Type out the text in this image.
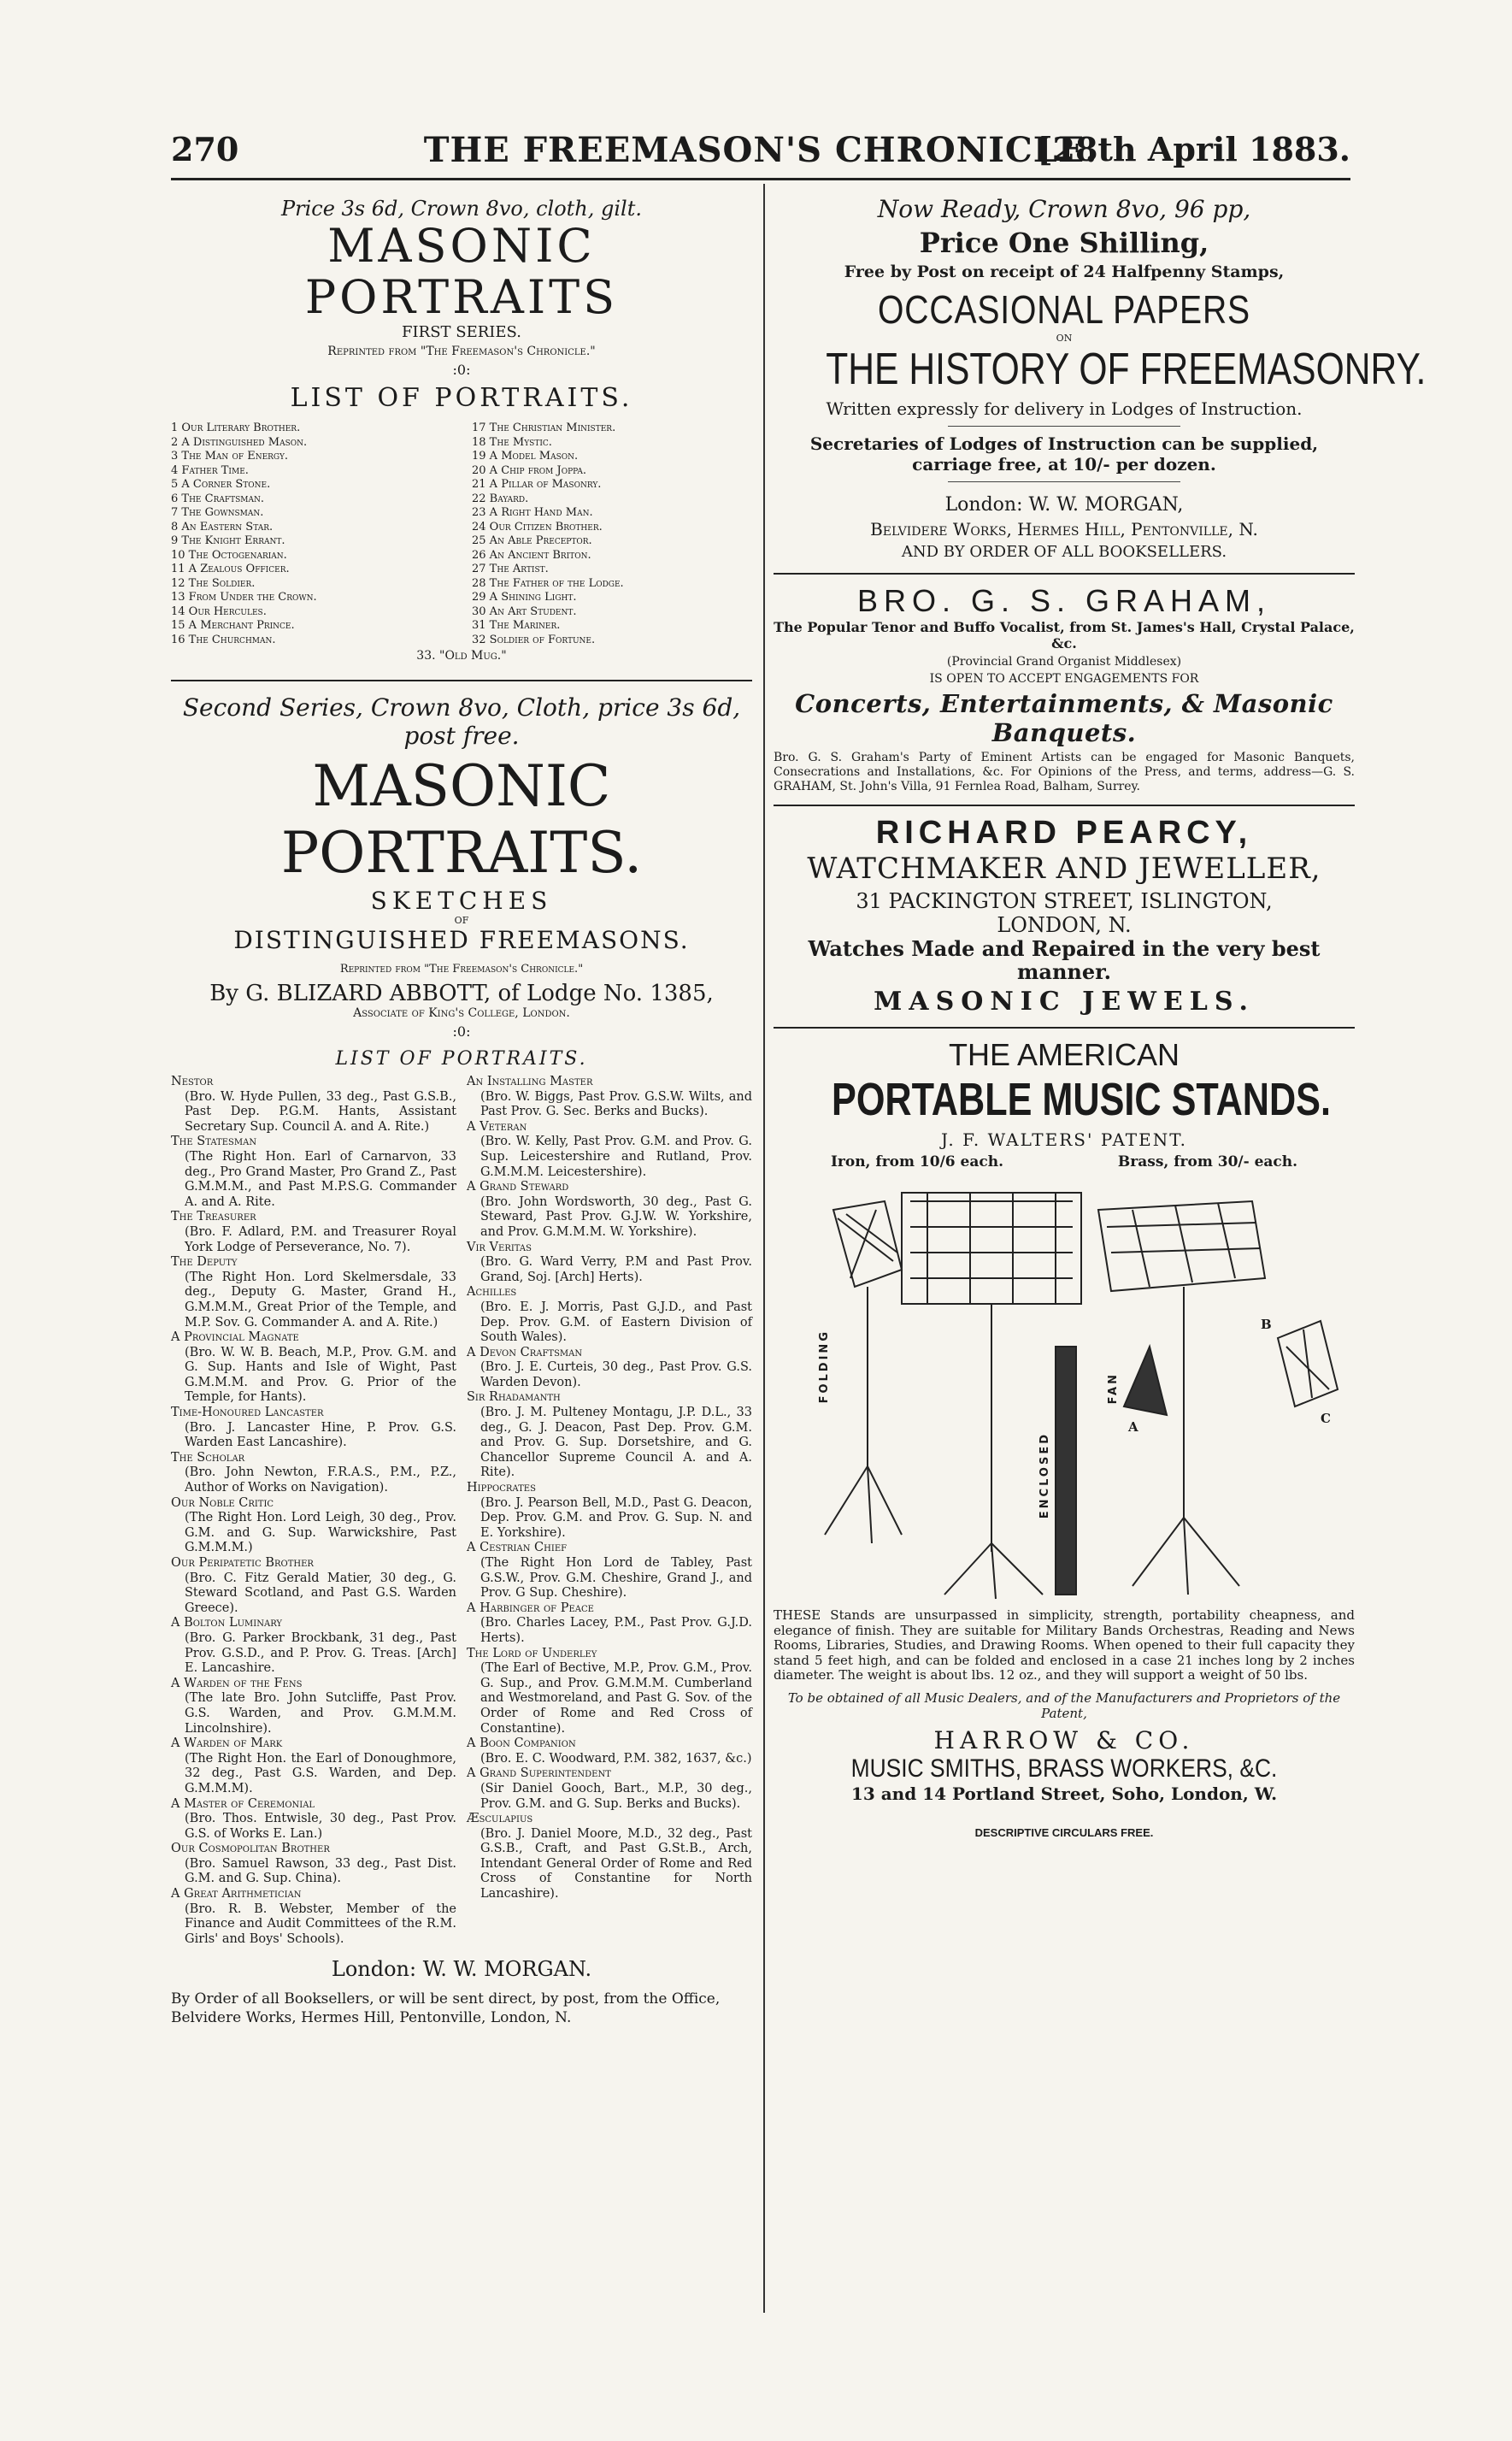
270	THE FREEMASON'S CHRONICLE.
[28th April 1883.
Price 3s 6d, Crown 8vo, cloth, gilt.
MASONIC PORTRAITS
FIRST SERIES.
Reprinted from "The Freemason's Chronicle."
:0:
LIST OF PORTRAITS.
1 Our Literary Brother.
2 A Distinguished Mason.
3 The Man of Energy.
4 Father Time.
5 A Corner Stone.
6 The Craftsman.
7 The Gownsman.
8 An Eastern Star.
9 The Knight Errant.
10 The Octogenarian.
11 A Zealous Officer.
12 The Soldier.
13 From Under the Crown.
14 Our Hercules.
15 A Merchant Prince.
16 The Churchman.
17 The Christian Minister.
18 The Mystic.
19 A Model Mason.
20 A Chip from Joppa.
21 A Pillar of Masonry.
22 Bayard.
23 A Right Hand Man.
24 Our Citizen Brother.
25 An Able Preceptor.
26 An Ancient Briton.
27 The Artist.
28 The Father of the Lodge.
29 A Shining Light.
30 An Art Student.
31 The Mariner.
32 Soldier of Fortune.
33. "Old Mug."
Second Series, Crown 8vo, Cloth, price 3s 6d,
post free.
MASONIC PORTRAITS.
SKETCHES
OF
DISTINGUISHED FREEMASONS.
Reprinted from "The Freemason's Chronicle."
By G. BLIZARD ABBOTT, of Lodge No. 1385,
Associate of King's College, London.
:0:
LIST OF PORTRAITS.
Nestor
(Bro. W. Hyde Pullen, 33 deg., Past G.S.B., Past Dep. P.G.M. Hants, Assistant Secretary Sup. Council A. and A. Rite.)
The Statesman
(The Right Hon. Earl of Carnarvon, 33 deg., Pro Grand Master, Pro Grand Z., Past G.M.M.M., and Past M.P.S.G. Commander A. and A. Rite.
The Treasurer
(Bro. F. Adlard, P.M. and Treasurer Royal York Lodge of Perseverance, No. 7).
The Deputy
(The Right Hon. Lord Skelmersdale, 33 deg., Deputy G. Master, Grand H., G.M.M.M., Great Prior of the Temple, and M.P. Sov. G. Commander A. and A. Rite.)
A Provincial Magnate
(Bro. W. W. B. Beach, M.P., Prov. G.M. and G. Sup. Hants and Isle of Wight, Past G.M.M.M. and Prov. G. Prior of the Temple, for Hants).
Time-Honoured Lancaster
(Bro. J. Lancaster Hine, P. Prov. G.S. Warden East Lancashire).
The Scholar
(Bro. John Newton, F.R.A.S., P.M., P.Z., Author of Works on Navigation).
Our Noble Critic
(The Right Hon. Lord Leigh, 30 deg., Prov. G.M. and G. Sup. Warwickshire, Past G.M.M.M.)
Our Peripatetic Brother
(Bro. C. Fitz Gerald Matier, 30 deg., G. Steward Scotland, and Past G.S. Warden Greece).
A Bolton Luminary
(Bro. G. Parker Brockbank, 31 deg., Past Prov. G.S.D., and P. Prov. G. Treas. [Arch] E. Lancashire.
A Warden of the Fens
(The late Bro. John Sutcliffe, Past Prov. G.S. Warden, and Prov. G.M.M.M. Lincolnshire).
A Warden of Mark
(The Right Hon. the Earl of Donoughmore, 32 deg., Past G.S. Warden, and Dep. G.M.M.M).
A Master of Ceremonial
(Bro. Thos. Entwisle, 30 deg., Past Prov. G.S. of Works E. Lan.)
Our Cosmopolitan Brother
(Bro. Samuel Rawson, 33 deg., Past Dist. G.M. and G. Sup. China).
A Great Arithmetician
(Bro. R. B. Webster, Member of the Finance and Audit Committees of the R.M. Girls' and Boys' Schools).
An Installing Master
(Bro. W. Biggs, Past Prov. G.S.W. Wilts, and Past Prov. G. Sec. Berks and Bucks).
A Veteran
(Bro. W. Kelly, Past Prov. G.M. and Prov. G. Sup. Leicestershire and Rutland, Prov. G.M.M.M. Leicestershire).
A Grand Steward
(Bro. John Wordsworth, 30 deg., Past G. Steward, Past Prov. G.J.W. W. Yorkshire, and Prov. G.M.M.M. W. Yorkshire).
Vir Veritas
(Bro. G. Ward Verry, P.M and Past Prov. Grand, Soj. [Arch] Herts).
Achilles
(Bro. E. J. Morris, Past G.J.D., and Past Dep. Prov. G.M. of Eastern Division of South Wales).
A Devon Craftsman
(Bro. J. E. Curteis, 30 deg., Past Prov. G.S. Warden Devon).
Sir Rhadamanth
(Bro. J. M. Pulteney Montagu, J.P. D.L., 33 deg., G. J. Deacon, Past Dep. Prov. G.M. and Prov. G. Sup. Dorsetshire, and G. Chancellor Supreme Council A. and A. Rite).
Hippocrates
(Bro. J. Pearson Bell, M.D., Past G. Deacon, Dep. Prov. G.M. and Prov. G. Sup. N. and E. Yorkshire).
A Cestrian Chief
(The Right Hon Lord de Tabley, Past G.S.W., Prov. G.M. Cheshire, Grand J., and Prov. G Sup. Cheshire).
A Harbinger of Peace
(Bro. Charles Lacey, P.M., Past Prov. G.J.D. Herts).
The Lord of Underley
(The Earl of Bective, M.P., Prov. G.M., Prov. G. Sup., and Prov. G.M.M.M. Cumberland and Westmoreland, and Past G. Sov. of the Order of Rome and Red Cross of Constantine).
A Boon Companion
(Bro. E. C. Woodward, P.M. 382, 1637, &c.)
A Grand Superintendent
(Sir Daniel Gooch, Bart., M.P., 30 deg., Prov. G.M. and G. Sup. Berks and Bucks).
Æsculapius
(Bro. J. Daniel Moore, M.D., 32 deg., Past G.S.B., Craft, and Past G.St.B., Arch, Intendant General Order of Rome and Red Cross of Constantine for North Lancashire).
London: W. W. MORGAN.
By Order of all Booksellers, or will be sent direct, by post, from the Office, Belvidere Works, Hermes Hill, Pentonville, London, N.
Now Ready, Crown 8vo, 96 pp,
Price One Shilling,
Free by Post on receipt of 24 Halfpenny Stamps,
OCCASIONAL PAPERS
ON
THE HISTORY OF FREEMASONRY.
Written expressly for delivery in Lodges of Instruction.
Secretaries of Lodges of Instruction can be supplied, carriage free, at 10/- per dozen.
London: W. W. MORGAN,
Belvidere Works, Hermes Hill, Pentonville, N.
AND BY ORDER OF ALL BOOKSELLERS.
BRO. G. S. GRAHAM,
The Popular Tenor and Buffo Vocalist, from St. James's Hall, Crystal Palace, &c.
(Provincial Grand Organist Middlesex)
IS OPEN TO ACCEPT ENGAGEMENTS FOR
Concerts, Entertainments, & Masonic Banquets.
Bro. G. S. Graham's Party of Eminent Artists can be engaged for Masonic Banquets, Consecrations and Installations, &c. For Opinions of the Press, and terms, address—G. S. GRAHAM, St. John's Villa, 91 Fernlea Road, Balham, Surrey.
RICHARD PEARCY,
WATCHMAKER AND JEWELLER,
31 PACKINGTON STREET, ISLINGTON,
LONDON, N.
Watches Made and Repaired in the very best manner.
MASONIC JEWELS.
THE AMERICAN
PORTABLE MUSIC STANDS.
J. F. WALTERS' PATENT.
Iron, from 10/6 each.	Brass, from 30/- each.
FOLDING	FAN
ENCLOSED
A
B
C
THESE Stands are unsurpassed in simplicity, strength, portability cheapness, and elegance of finish. They are suitable for Military Bands Orchestras, Reading and News Rooms, Libraries, Studies, and Drawing Rooms. When opened to their full capacity they stand 5 feet high, and can be folded and enclosed in a case 21 inches long by 2 inches diameter. The weight is about lbs. 12 oz., and they will support a weight of 50 lbs.
To be obtained of all Music Dealers, and of the Manufacturers and Proprietors of the Patent,
HARROW & CO.
MUSIC SMITHS, BRASS WORKERS, &C.
13 and 14 Portland Street, Soho, London, W.
DESCRIPTIVE CIRCULARS FREE.
